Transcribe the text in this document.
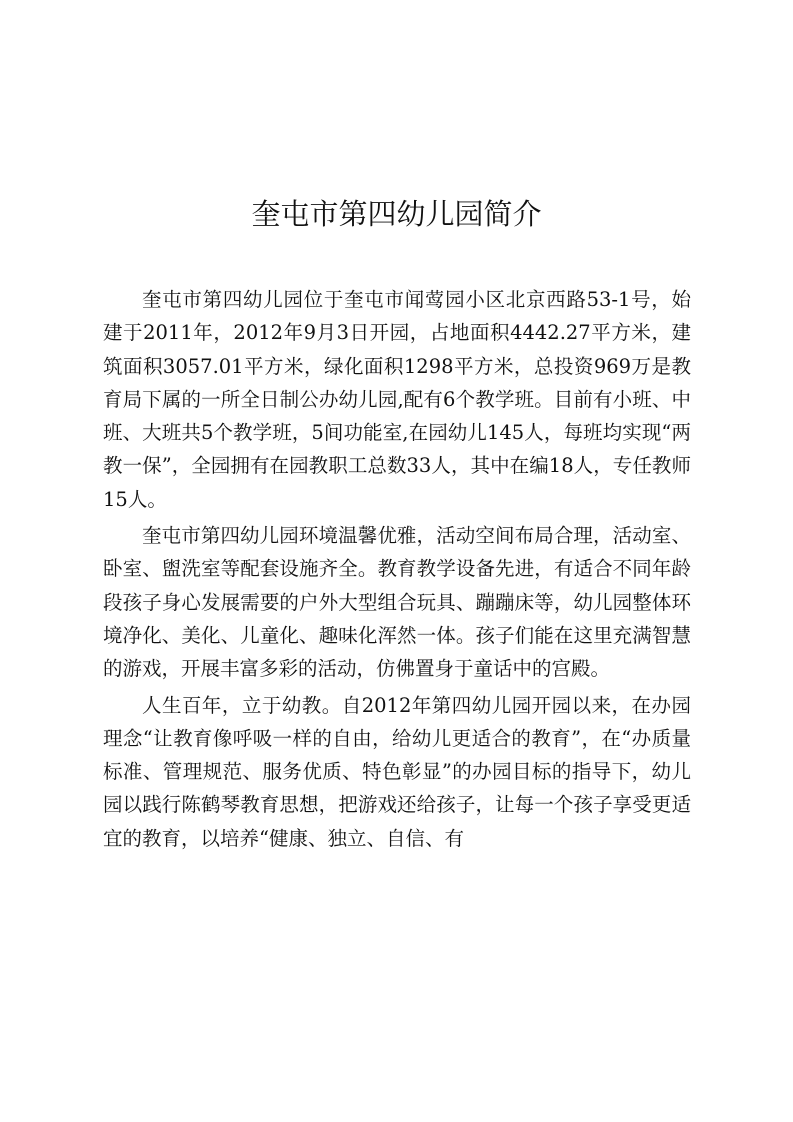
奎屯市第四幼儿园简介

奎屯市第四幼儿园位于奎屯市闻莺园小区北京西路53-1号，始建于2011年，2012年9月3日开园，占地面积4442.27平方米，建筑面积3057.01平方米，绿化面积1298平方米，总投资969万是教育局下属的一所全日制公办幼儿园,配有6个教学班。目前有小班、中班、大班共5个教学班，5间功能室,在园幼儿145人，每班均实现“两教一保”，全园拥有在园教职工总数33人，其中在编18人，专任教师15人。

奎屯市第四幼儿园环境温馨优雅，活动空间布局合理，活动室、卧室、盥洗室等配套设施齐全。教育教学设备先进，有适合不同年龄段孩子身心发展需要的户外大型组合玩具、蹦蹦床等，幼儿园整体环境净化、美化、儿童化、趣味化浑然一体。孩子们能在这里充满智慧的游戏，开展丰富多彩的活动，仿佛置身于童话中的宫殿。

人生百年，立于幼教。自2012年第四幼儿园开园以来，在办园理念“让教育像呼吸一样的自由，给幼儿更适合的教育”，在“办质量标准、管理规范、服务优质、特色彰显”的办园目标的指导下，幼儿园以践行陈鹤琴教育思想，把游戏还给孩子，让每一个孩子享受更适宜的教育，以培养“健康、独立、自信、有
